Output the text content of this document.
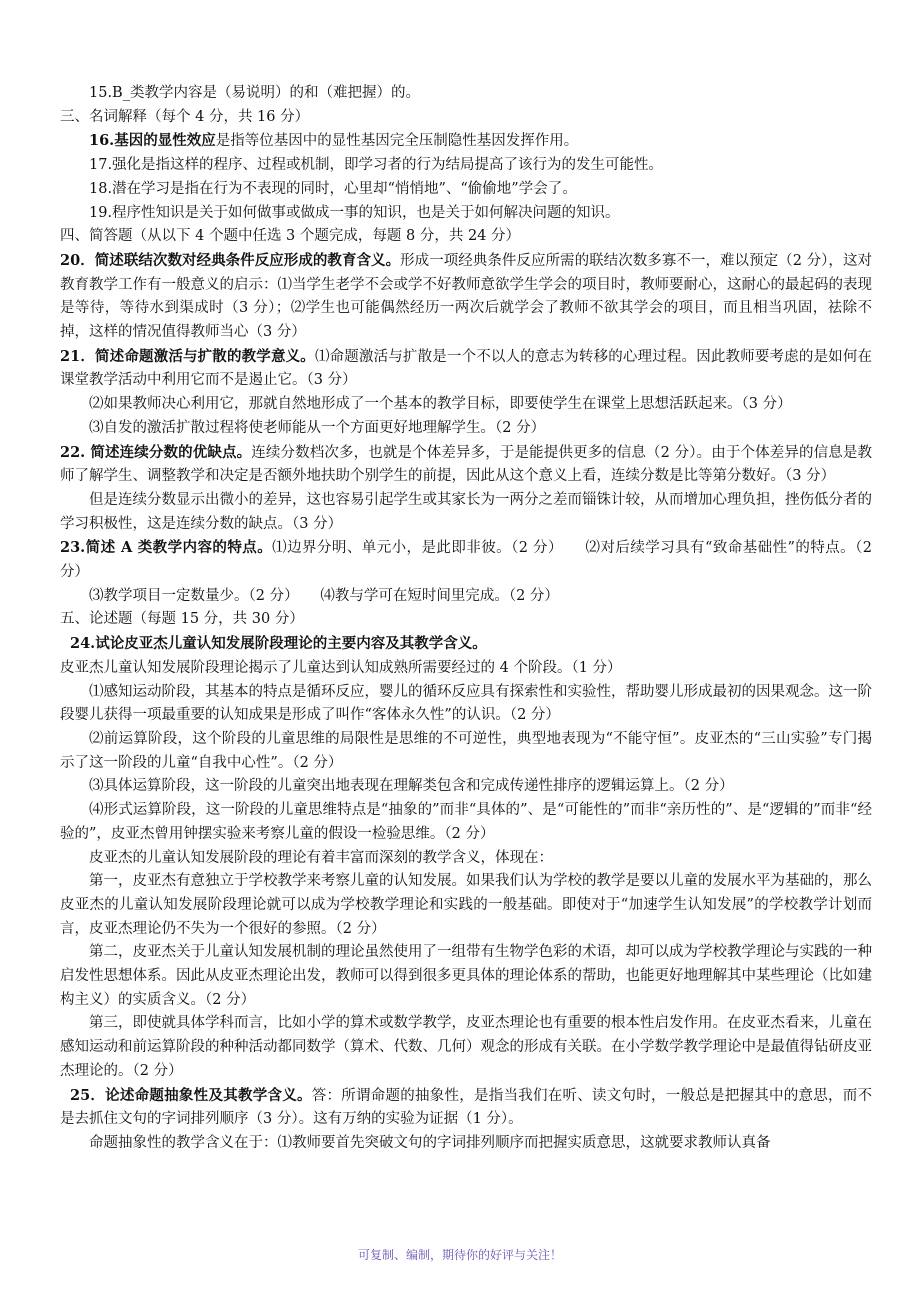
15.B_类教学内容是（易说明）的和（难把握）的。

三、名词解释（每个 4 分，共 16 分）

16.基因的显性效应是指等位基因中的显性基因完全压制隐性基因发挥作用。

17.强化是指这样的程序、过程或机制，即学习者的行为结局提高了该行为的发生可能性。

18.潜在学习是指在行为不表现的同时，心里却“悄悄地”、“偷偷地”学会了。

19.程序性知识是关于如何做事或做成一事的知识，也是关于如何解决问题的知识。

四、简答题（从以下 4 个题中任选 3 个题完成，每题 8 分，共 24 分）

20．简述联结次数对经典条件反应形成的教育含义。形成一项经典条件反应所需的联结次数多寡不一，难以预定（2 分），这对教育教学工作有一般意义的启示：⑴当学生老学不会或学不好教师意欲学生学会的项目时，教师要耐心，这耐心的最起码的表现是等待，等待水到渠成时（3 分）；⑵学生也可能偶然经历一两次后就学会了教师不欲其学会的项目，而且相当巩固，祛除不掉，这样的情况值得教师当心（3 分）

21．简述命题激活与扩散的教学意义。⑴命题激活与扩散是一个不以人的意志为转移的心理过程。因此教师要考虑的是如何在课堂教学活动中利用它而不是遏止它。（3 分）

⑵如果教师决心利用它，那就自然地形成了一个基本的教学目标，即要使学生在课堂上思想活跃起来。（3 分）

⑶自发的激活扩散过程将使老师能从一个方面更好地理解学生。（2 分）

22. 简述连续分数的优缺点。连续分数档次多，也就是个体差异多，于是能提供更多的信息（2 分）。由于个体差异的信息是教师了解学生、调整教学和决定是否额外地扶助个别学生的前提，因此从这个意义上看，连续分数是比等第分数好。（3 分）

但是连续分数显示出微小的差异，这也容易引起学生或其家长为一两分之差而锱铢计较，从而增加心理负担，挫伤低分者的学习积极性，这是连续分数的缺点。（3 分）

23.简述 A 类教学内容的特点。⑴边界分明、单元小，是此即非彼。（2 分）　　⑵对后续学习具有“致命基础性”的特点。（2 分）

⑶教学项目一定数量少。（2 分）　　⑷教与学可在短时间里完成。（2 分）

五、论述题（每题 15 分，共 30 分）

24.试论皮亚杰儿童认知发展阶段理论的主要内容及其教学含义。

皮亚杰儿童认知发展阶段理论揭示了儿童达到认知成熟所需要经过的 4 个阶段。（1 分）

⑴感知运动阶段，其基本的特点是循环反应，婴儿的循环反应具有探索性和实验性，帮助婴儿形成最初的因果观念。这一阶段婴儿获得一项最重要的认知成果是形成了叫作“客体永久性”的认识。（2 分）

⑵前运算阶段，这个阶段的儿童思维的局限性是思维的不可逆性，典型地表现为“不能守恒”。皮亚杰的“三山实验”专门揭示了这一阶段的儿童“自我中心性”。（2 分）

⑶具体运算阶段，这一阶段的儿童突出地表现在理解类包含和完成传递性排序的逻辑运算上。（2 分）

⑷形式运算阶段，这一阶段的儿童思维特点是“抽象的”而非“具体的”、是“可能性的”而非“亲历性的”、是“逻辑的”而非“经验的”，皮亚杰曾用钟摆实验来考察儿童的假设一检验思维。（2 分）

皮亚杰的儿童认知发展阶段的理论有着丰富而深刻的教学含义，体现在：

第一，皮亚杰有意独立于学校教学来考察儿童的认知发展。如果我们认为学校的教学是要以儿童的发展水平为基础的，那么皮亚杰的儿童认知发展阶段理论就可以成为学校教学理论和实践的一般基础。即使对于“加速学生认知发展”的学校教学计划而言，皮亚杰理论仍不失为一个很好的参照。（2 分）

第二，皮亚杰关于儿童认知发展机制的理论虽然使用了一组带有生物学色彩的术语，却可以成为学校教学理论与实践的一种启发性思想体系。因此从皮亚杰理论出发，教师可以得到很多更具体的理论体系的帮助，也能更好地理解其中某些理论（比如建构主义）的实质含义。（2 分）

第三，即使就具体学科而言，比如小学的算术或数学教学，皮亚杰理论也有重要的根本性启发作用。在皮亚杰看来，儿童在感知运动和前运算阶段的种种活动都同数学（算术、代数、几何）观念的形成有关联。在小学数学教学理论中是最值得钻研皮亚杰理论的。（2 分）

25．论述命题抽象性及其教学含义。答：所谓命题的抽象性，是指当我们在听、读文句时，一般总是把握其中的意思，而不是去抓住文句的字词排列顺序（3 分）。这有万纳的实验为证据（1 分）。

命题抽象性的教学含义在于：⑴教师要首先突破文句的字词排列顺序而把握实质意思，这就要求教师认真备

可复制、编制，期待你的好评与关注！
